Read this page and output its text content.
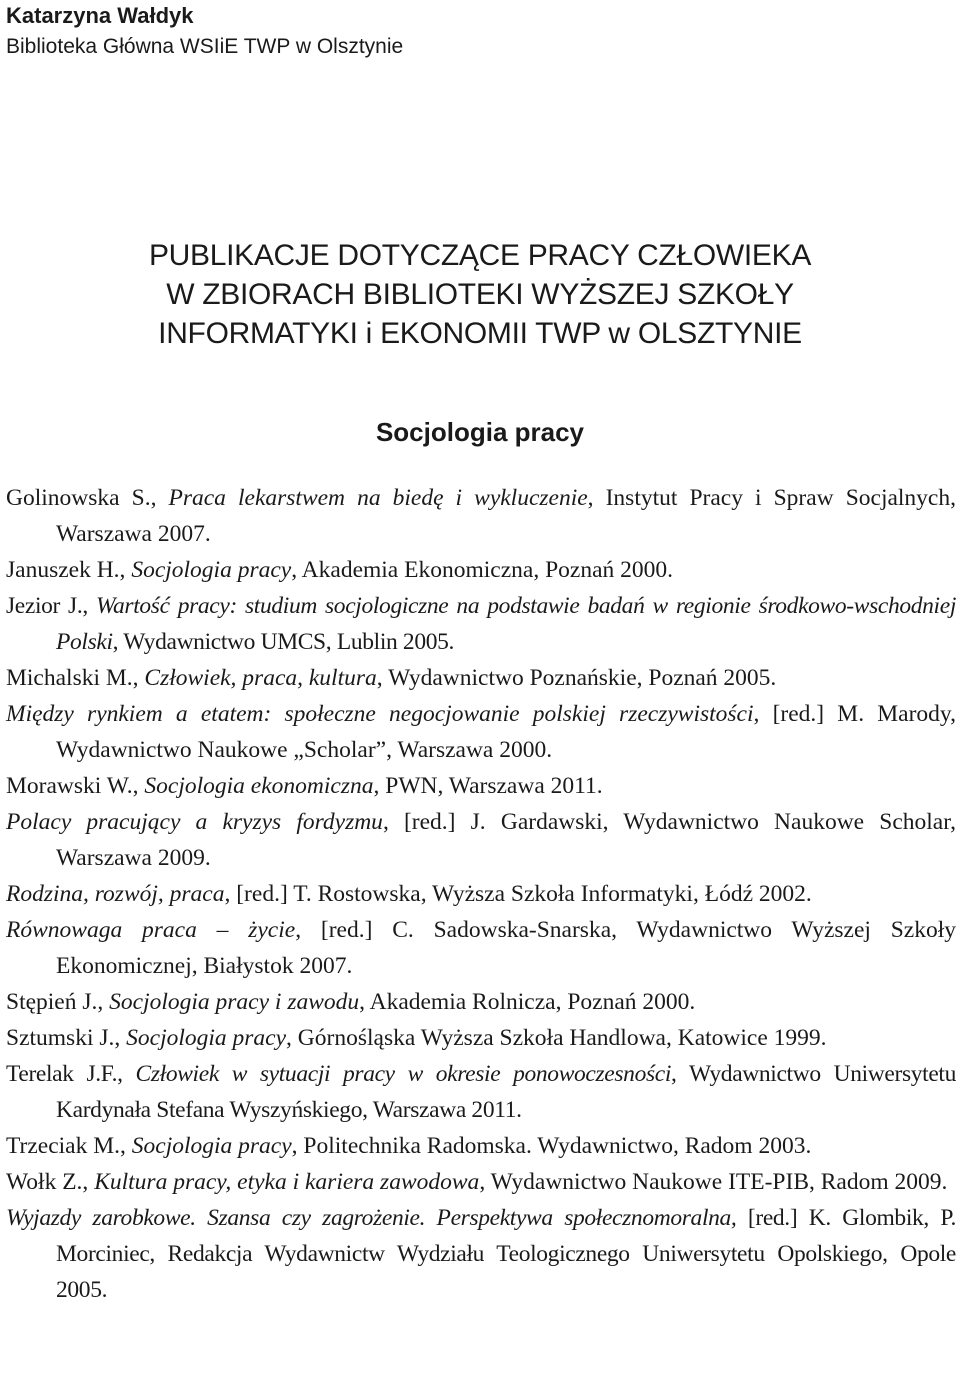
Katarzyna Wałdyk
Biblioteka Główna WSIiE TWP w Olsztynie
PUBLIKACJE DOTYCZĄCE PRACY CZŁOWIEKA
W ZBIORACH BIBLIOTEKI WYŻSZEJ SZKOŁY
INFORMATYKI i EKONOMII TWP w OLSZTYNIE
Socjologia pracy
Golinowska S., Praca lekarstwem na biedę i wykluczenie, Instytut Pracy i Spraw Socjalnych, Warszawa 2007.
Januszek H., Socjologia pracy, Akademia Ekonomiczna, Poznań 2000.
Jezior J., Wartość pracy: studium socjologiczne na podstawie badań w regionie środkowo-wschodniej Polski, Wydawnictwo UMCS, Lublin 2005.
Michalski M., Człowiek, praca, kultura, Wydawnictwo Poznańskie, Poznań 2005.
Między rynkiem a etatem: społeczne negocjowanie polskiej rzeczywistości, [red.] M. Marody, Wydawnictwo Naukowe „Scholar”, Warszawa 2000.
Morawski W., Socjologia ekonomiczna, PWN, Warszawa 2011.
Polacy pracujący a kryzys fordyzmu, [red.] J. Gardawski, Wydawnictwo Naukowe Scholar, Warszawa 2009.
Rodzina, rozwój, praca, [red.] T. Rostowska, Wyższa Szkoła Informatyki, Łódź 2002.
Równowaga praca – życie, [red.] C. Sadowska-Snarska, Wydawnictwo Wyższej Szkoły Ekonomicznej, Białystok 2007.
Stępień J., Socjologia pracy i zawodu, Akademia Rolnicza, Poznań 2000.
Sztumski J., Socjologia pracy, Górnośląska Wyższa Szkoła Handlowa, Katowice 1999.
Terelak J.F., Człowiek w sytuacji pracy w okresie ponowoczesności, Wydawnictwo Uniwersytetu Kardynała Stefana Wyszyńskiego, Warszawa 2011.
Trzeciak M., Socjologia pracy, Politechnika Radomska. Wydawnictwo, Radom 2003.
Wołk Z., Kultura pracy, etyka i kariera zawodowa, Wydawnictwo Naukowe ITE-PIB, Radom 2009.
Wyjazdy zarobkowe. Szansa czy zagrożenie. Perspektywa społecznomoralna, [red.] K. Glombik, P. Morciniec, Redakcja Wydawnictw Wydziału Teologicznego Uniwersytetu Opolskiego, Opole 2005.
